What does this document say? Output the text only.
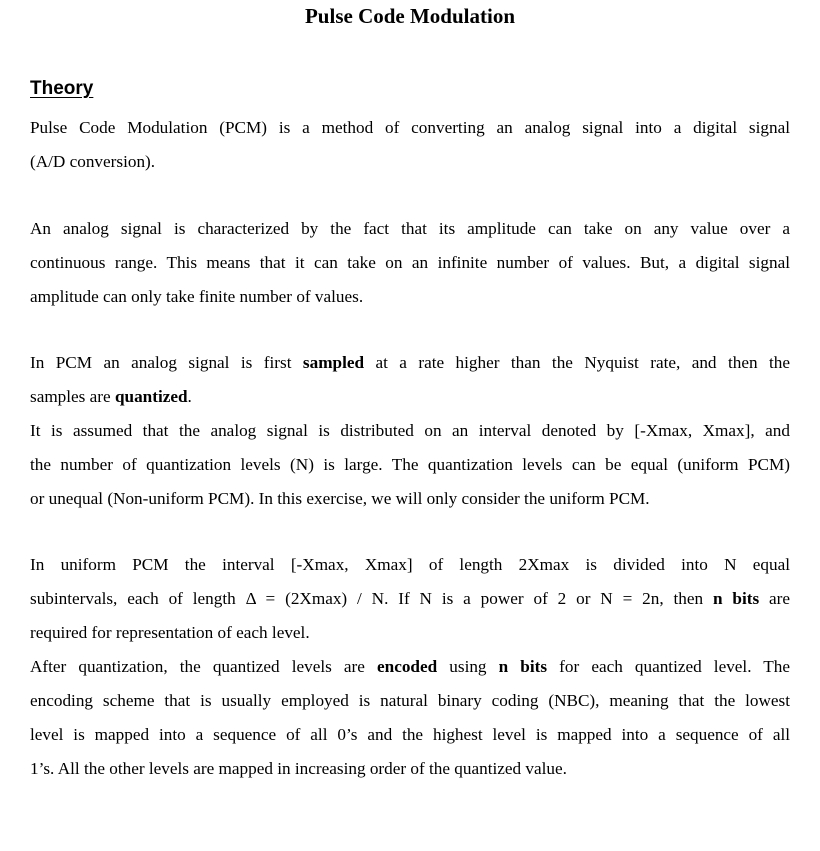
Pulse Code Modulation
Theory
Pulse Code Modulation (PCM) is a method of converting an analog signal into a digital signal
(A/D conversion).
An analog signal is characterized by the fact that its amplitude can take on any value over a
continuous range. This means that it can take on an infinite number of values. But, a digital signal
amplitude can only take finite number of values.
In PCM an analog signal is first sampled at a rate higher than the Nyquist rate, and then the
samples are quantized.
It is assumed that the analog signal is distributed on an interval denoted by [-Xmax, Xmax], and
the number of quantization levels (N) is large. The quantization levels can be equal (uniform PCM)
or unequal (Non-uniform PCM). In this exercise, we will only consider the uniform PCM.
In uniform PCM the interval [-Xmax, Xmax] of length 2Xmax is divided into N equal
subintervals, each of length Δ = (2Xmax) / N. If N is a power of 2 or N = 2n, then n bits are
required for representation of each level.
After quantization, the quantized levels are encoded using n bits for each quantized level. The
encoding scheme that is usually employed is natural binary coding (NBC), meaning that the lowest
level is mapped into a sequence of all 0’s and the highest level is mapped into a sequence of all
1’s. All the other levels are mapped in increasing order of the quantized value.
